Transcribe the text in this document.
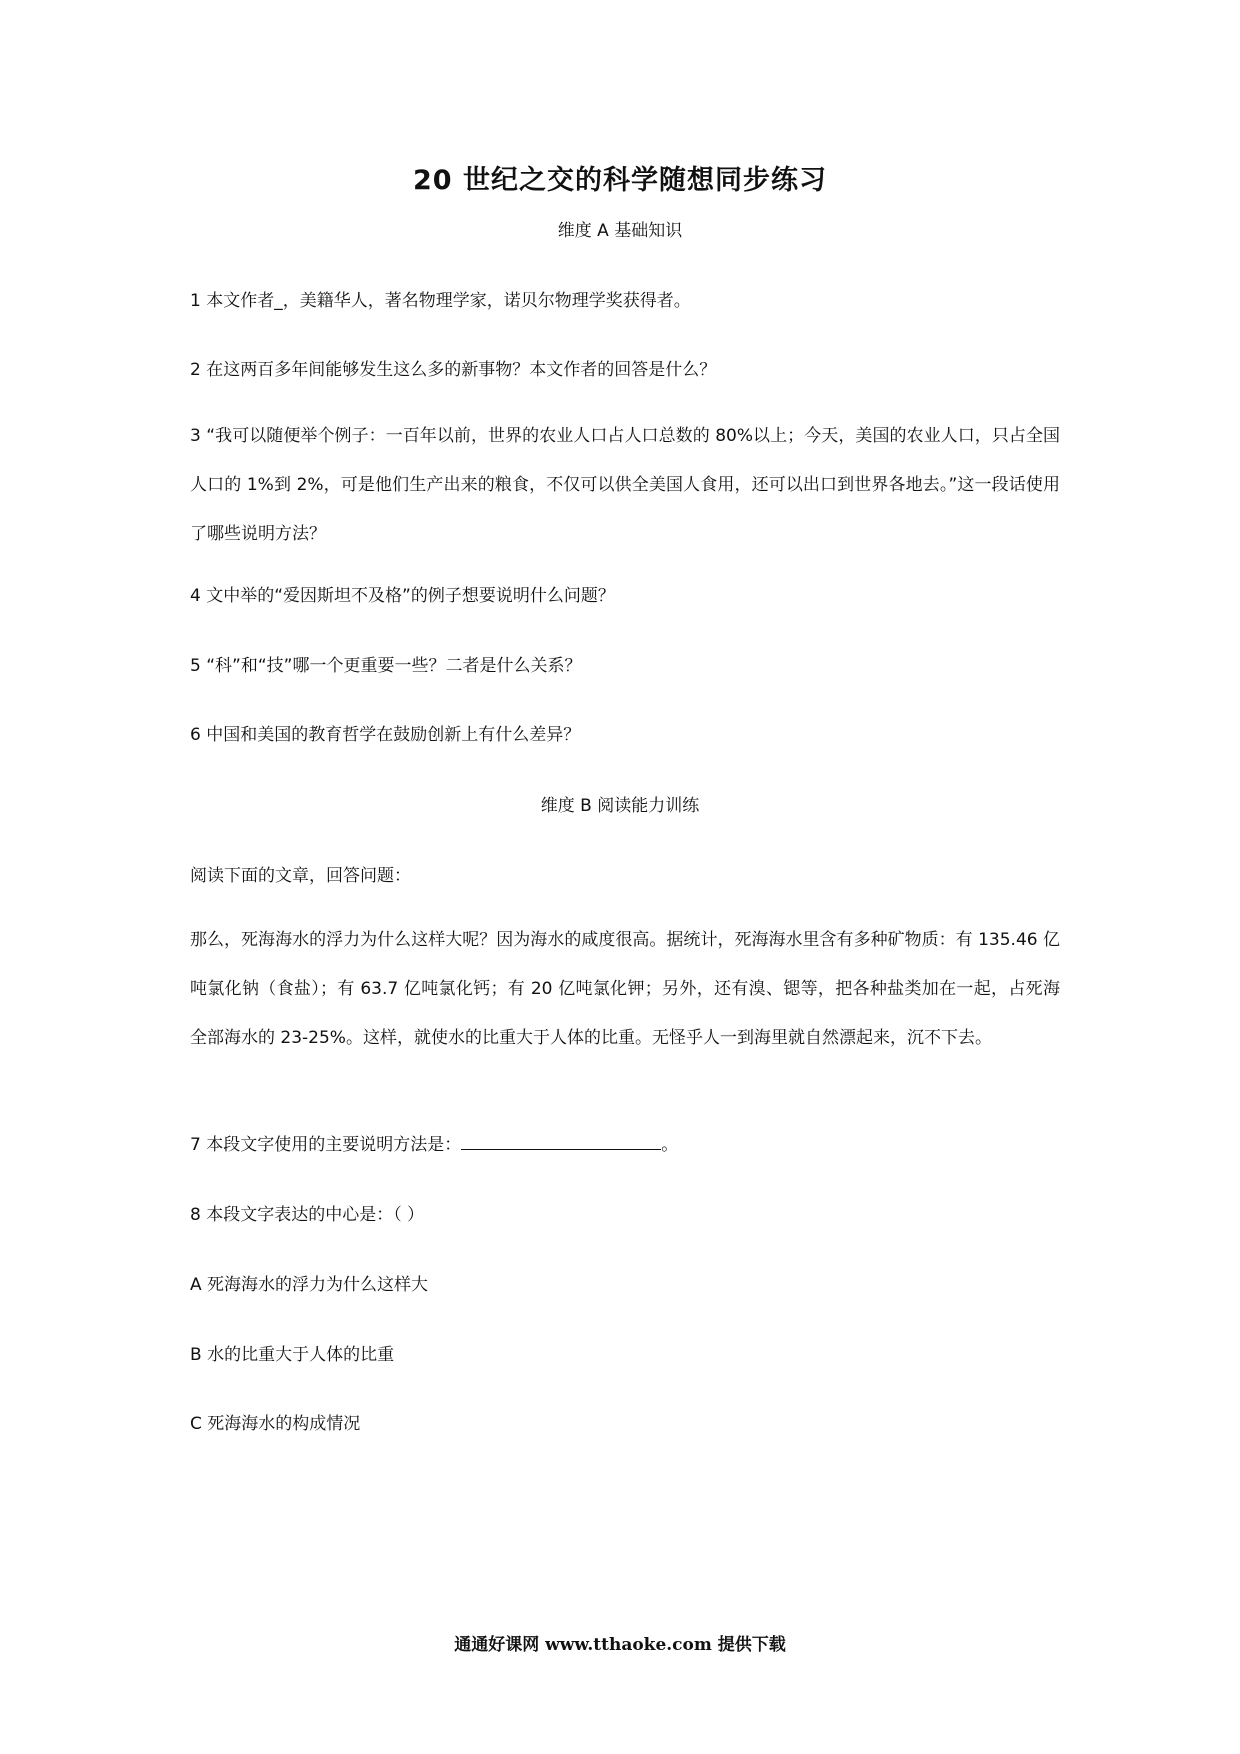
20 世纪之交的科学随想同步练习
维度 A 基础知识
1 本文作者_，美籍华人，著名物理学家，诺贝尔物理学奖获得者。
2 在这两百多年间能够发生这么多的新事物？本文作者的回答是什么？
3 “我可以随便举个例子：一百年以前，世界的农业人口占人口总数的 80%以上；今天，美国的农业人口，只占全国人口的 1%到 2%，可是他们生产出来的粮食，不仅可以供全美国人食用，还可以出口到世界各地去。”这一段话使用了哪些说明方法？
4 文中举的“爱因斯坦不及格”的例子想要说明什么问题？
5 “科”和“技”哪一个更重要一些？二者是什么关系？
6 中国和美国的教育哲学在鼓励创新上有什么差异？
维度 B 阅读能力训练
阅读下面的文章，回答问题：
那么，死海海水的浮力为什么这样大呢？因为海水的咸度很高。据统计，死海海水里含有多种矿物质：有 135.46 亿吨氯化钠（食盐）；有 63.7 亿吨氯化钙；有 20 亿吨氯化钾；另外，还有溴、锶等，把各种盐类加在一起，占死海全部海水的 23-25%。这样，就使水的比重大于人体的比重。无怪乎人一到海里就自然漂起来，沉不下去。
7 本段文字使用的主要说明方法是：	。
8 本段文字表达的中心是：（ ）
A 死海海水的浮力为什么这样大
B 水的比重大于人体的比重
C 死海海水的构成情况
通通好课网 www.tthaoke.com 提供下载
